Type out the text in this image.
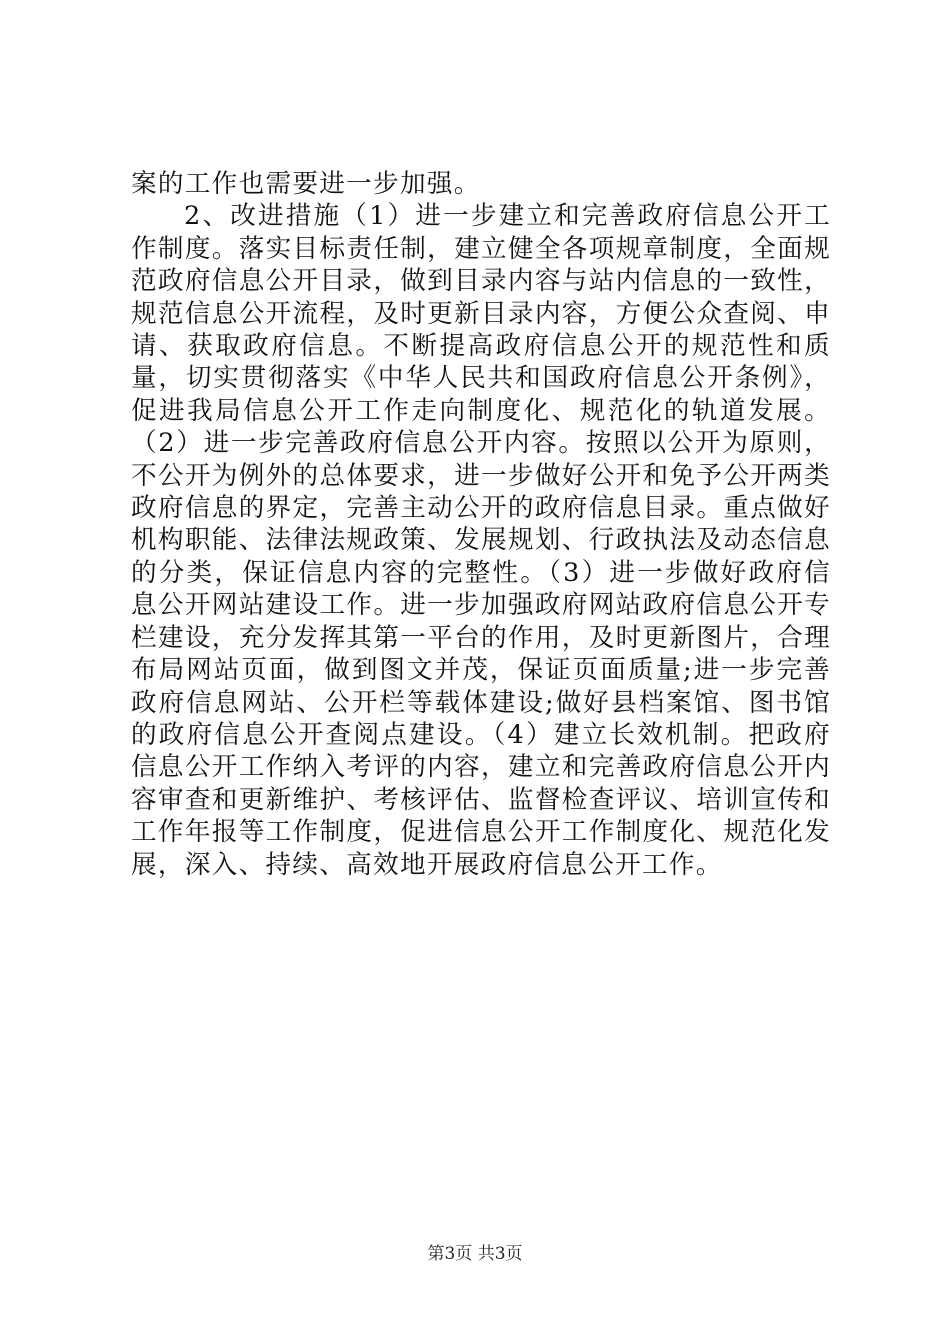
案的工作也需要进一步加强。

2、改进措施（1）进一步建立和完善政府信息公开工作制度。落实目标责任制，建立健全各项规章制度，全面规范政府信息公开目录，做到目录内容与站内信息的一致性，规范信息公开流程，及时更新目录内容，方便公众查阅、申请、获取政府信息。不断提高政府信息公开的规范性和质量，切实贯彻落实《中华人民共和国政府信息公开条例》，促进我局信息公开工作走向制度化、规范化的轨道发展。（2）进一步完善政府信息公开内容。按照以公开为原则，不公开为例外的总体要求，进一步做好公开和免予公开两类政府信息的界定，完善主动公开的政府信息目录。重点做好机构职能、法律法规政策、发展规划、行政执法及动态信息的分类，保证信息内容的完整性。（3）进一步做好政府信息公开网站建设工作。进一步加强政府网站政府信息公开专栏建设，充分发挥其第一平台的作用，及时更新图片，合理布局网站页面，做到图文并茂，保证页面质量;进一步完善政府信息网站、公开栏等载体建设;做好县档案馆、图书馆的政府信息公开查阅点建设。（4）建立长效机制。把政府信息公开工作纳入考评的内容，建立和完善政府信息公开内容审查和更新维护、考核评估、监督检查评议、培训宣传和工作年报等工作制度，促进信息公开工作制度化、规范化发展，深入、持续、高效地开展政府信息公开工作。

第3页 共3页
